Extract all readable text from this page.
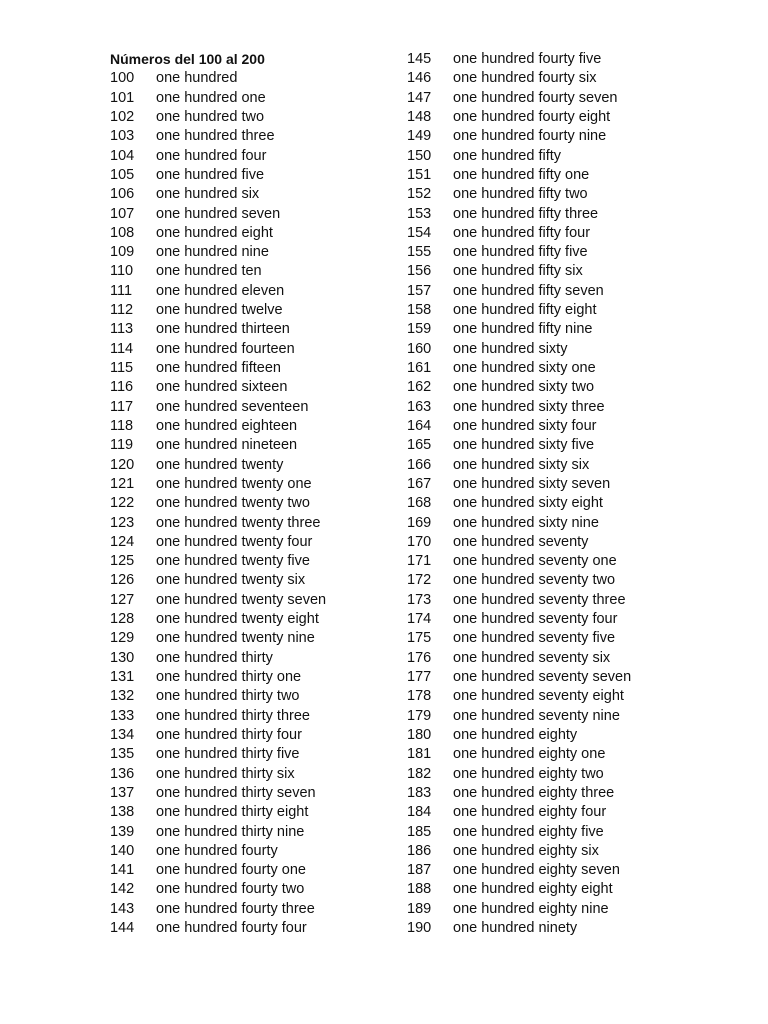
Números del 100 al 200
100 one hundred
101 one hundred one
102 one hundred two
103 one hundred three
104 one hundred four
105 one hundred five
106 one hundred six
107 one hundred seven
108 one hundred eight
109 one hundred nine
110 one hundred ten
111 one hundred eleven
112 one hundred twelve
113 one hundred thirteen
114 one hundred fourteen
115 one hundred fifteen
116 one hundred sixteen
117 one hundred seventeen
118 one hundred eighteen
119 one hundred nineteen
120 one hundred twenty
121 one hundred twenty one
122 one hundred twenty two
123 one hundred twenty three
124 one hundred twenty four
125 one hundred twenty five
126 one hundred twenty six
127 one hundred twenty seven
128 one hundred twenty eight
129 one hundred twenty nine
130 one hundred thirty
131 one hundred thirty one
132 one hundred thirty two
133 one hundred thirty three
134 one hundred thirty four
135 one hundred thirty five
136 one hundred thirty six
137 one hundred thirty seven
138 one hundred thirty eight
139 one hundred thirty nine
140 one hundred fourty
141 one hundred fourty one
142 one hundred fourty two
143 one hundred fourty three
144 one hundred fourty four
145 one hundred fourty five
146 one hundred fourty six
147 one hundred fourty seven
148 one hundred fourty eight
149 one hundred fourty nine
150 one hundred fifty
151 one hundred fifty one
152 one hundred fifty two
153 one hundred fifty three
154 one hundred fifty four
155 one hundred fifty five
156 one hundred fifty six
157 one hundred fifty seven
158 one hundred fifty eight
159 one hundred fifty nine
160 one hundred sixty
161 one hundred sixty one
162 one hundred sixty two
163 one hundred sixty three
164 one hundred sixty four
165 one hundred sixty five
166 one hundred sixty six
167 one hundred sixty seven
168 one hundred sixty eight
169 one hundred sixty nine
170 one hundred seventy
171 one hundred seventy one
172 one hundred seventy two
173 one hundred seventy three
174 one hundred seventy four
175 one hundred seventy five
176 one hundred seventy six
177 one hundred seventy seven
178 one hundred seventy eight
179 one hundred seventy nine
180 one hundred eighty
181 one hundred eighty one
182 one hundred eighty two
183 one hundred eighty three
184 one hundred eighty four
185 one hundred eighty five
186 one hundred eighty six
187 one hundred eighty seven
188 one hundred eighty eight
189 one hundred eighty nine
190 one hundred ninety
